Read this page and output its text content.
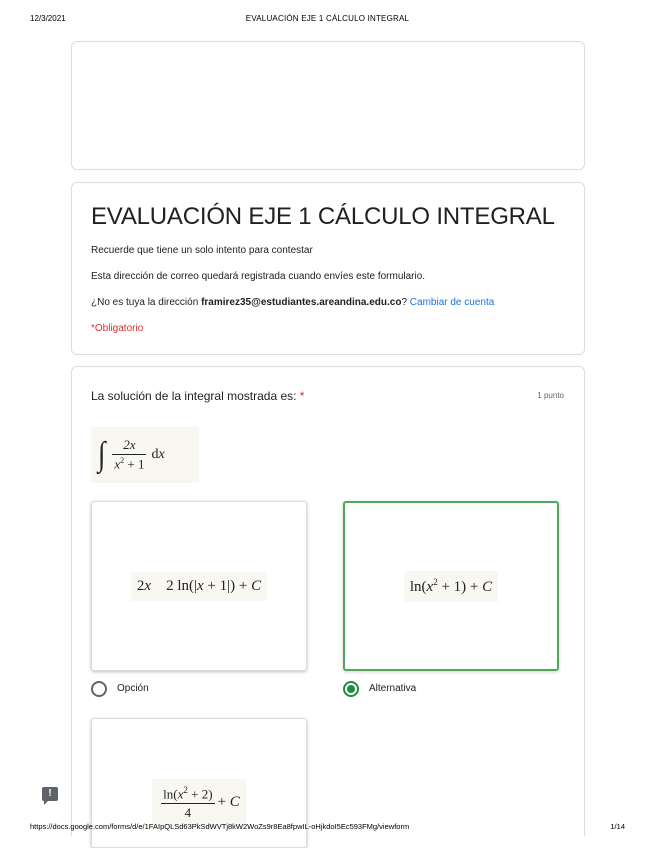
12/3/2021	EVALUACIÓN EJE 1 CÁLCULO INTEGRAL
EVALUACIÓN EJE 1 CÁLCULO INTEGRAL

Recuerde que tiene un solo intento para contestar

Esta dirección de correo quedará registrada cuando envíes este formulario.

¿No es tuya la dirección framirez35@estudiantes.areandina.edu.co? Cambiar de cuenta

*Obligatorio

La solución de la integral mostrada es: *	1 punto
∫ $\frac{2x}{x^2 + 1}$ dx
2x    2 ln(|x + 1|) + C	$\ln(x^2 + 1) + C$
Opción	Alternativa
$\frac{\ln(x^2 + 2)}{4} + C$
!
https://docs.google.com/forms/d/e/1FAIpQLSd63PkSdWVTj8kW2WoZs9r8Ea8fpwIL-oHjkdoI5Ec593FMg/viewform	1/14
